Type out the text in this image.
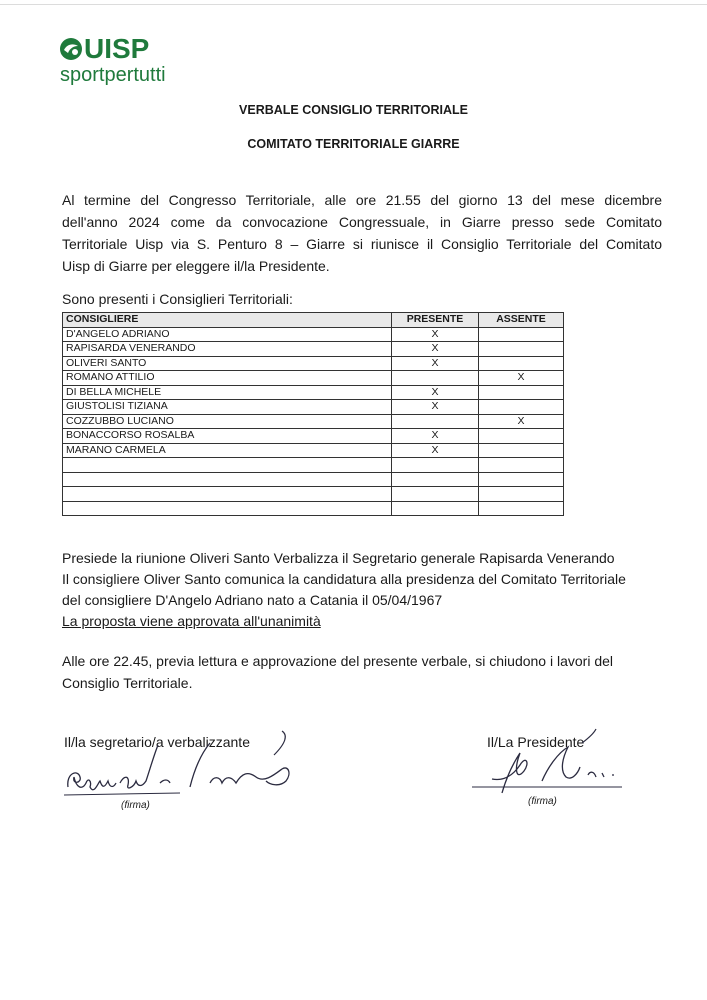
UISP
sportpertutti
VERBALE CONSIGLIO TERRITORIALE
COMITATO TERRITORIALE GIARRE
Al termine del Congresso Territoriale, alle ore 21.55 del giorno 13 del mese dicembre
dell'anno 2024 come da convocazione Congressuale, in Giarre presso sede Comitato
Territoriale Uisp via S. Penturo 8 – Giarre si riunisce il Consiglio Territoriale del Comitato
Uisp di Giarre per eleggere il/la Presidente.
Sono presenti i Consiglieri Territoriali:
CONSIGLIERE	PRESENTE	ASSENTE
D'ANGELO ADRIANO	X	
RAPISARDA VENERANDO	X	
OLIVERI SANTO	X	
ROMANO ATTILIO		X
DI BELLA MICHELE	X	
GIUSTOLISI TIZIANA	X	
COZZUBBO LUCIANO		X
BONACCORSO ROSALBA	X	
MARANO CARMELA	X	

Presiede la riunione Oliveri Santo Verbalizza il Segretario generale Rapisarda Venerando
Il consigliere Oliver Santo comunica la candidatura alla presidenza del Comitato Territoriale
del consigliere D'Angelo Adriano nato a Catania il 05/04/1967
La proposta viene approvata all'unanimità
Alle ore 22.45, previa lettura e approvazione del presente verbale, si chiudono i lavori del
Consiglio Territoriale.
Il/la segretario/a verbalizzante	Il/La Presidente
(firma)	(firma)
